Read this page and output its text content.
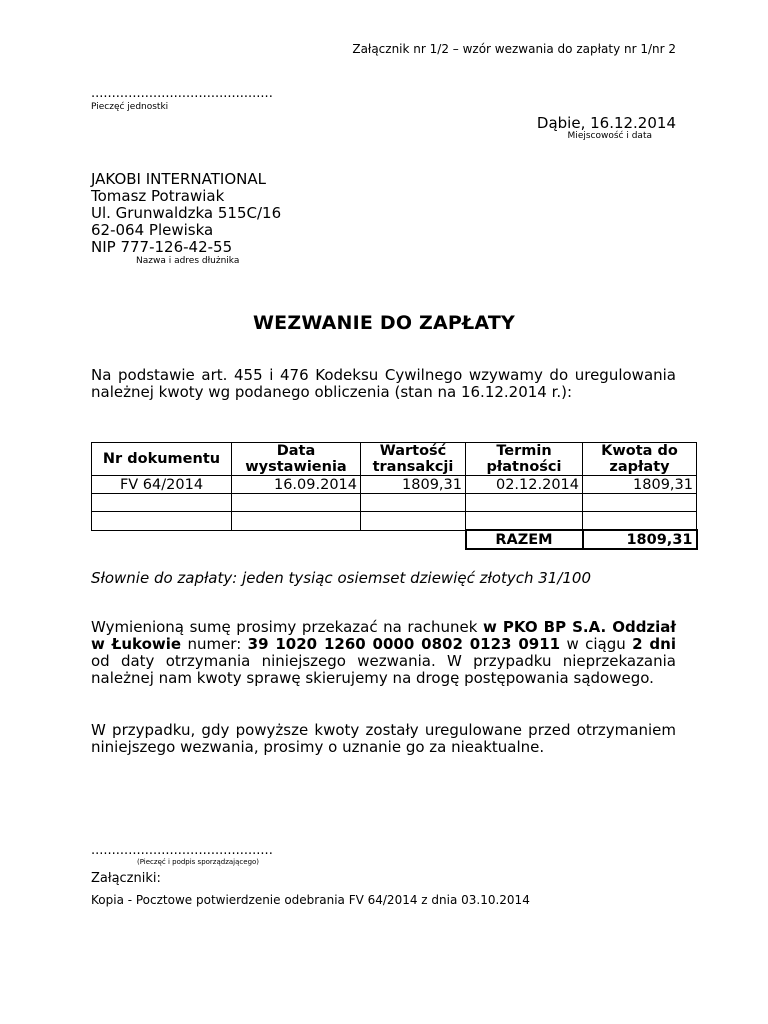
Załącznik nr 1/2 – wzór wezwania do zapłaty nr 1/nr 2
............................................
Pieczęć jednostki
Dąbie, 16.12.2014
Miejscowość i data
JAKOBI INTERNATIONAL
Tomasz Potrawiak
Ul. Grunwaldzka 515C/16
62-064 Plewiska
NIP 777-126-42-55
Nazwa i adres dłużnika
WEZWANIE DO ZAPŁATY
Na podstawie art. 455 i 476 Kodeksu Cywilnego wzywamy do uregulowania należnej kwoty wg podanego obliczenia (stan na 16.12.2014 r.):
Nr dokumentu	Data wystawienia	Wartość transakcji	Termin płatności	Kwota do zapłaty
FV 64/2014	16.09.2014	1809,31	02.12.2014	1809,31

			RAZEM	1809,31
Słownie do zapłaty: jeden tysiąc osiemset dziewięć złotych 31/100
Wymienioną sumę prosimy przekazać na rachunek w PKO BP S.A. Oddział w Łukowie numer: 39 1020 1260 0000 0802 0123 0911 w ciągu 2 dni od daty otrzymania niniejszego wezwania. W przypadku nieprzekazania należnej nam kwoty sprawę skierujemy na drogę postępowania sądowego.
W przypadku, gdy powyższe kwoty zostały uregulowane przed otrzymaniem niniejszego wezwania, prosimy o uznanie go za nieaktualne.
............................................
(Pieczęć i podpis sporządzającego)
Załączniki:
Kopia - Pocztowe potwierdzenie odebrania FV 64/2014 z dnia 03.10.2014
